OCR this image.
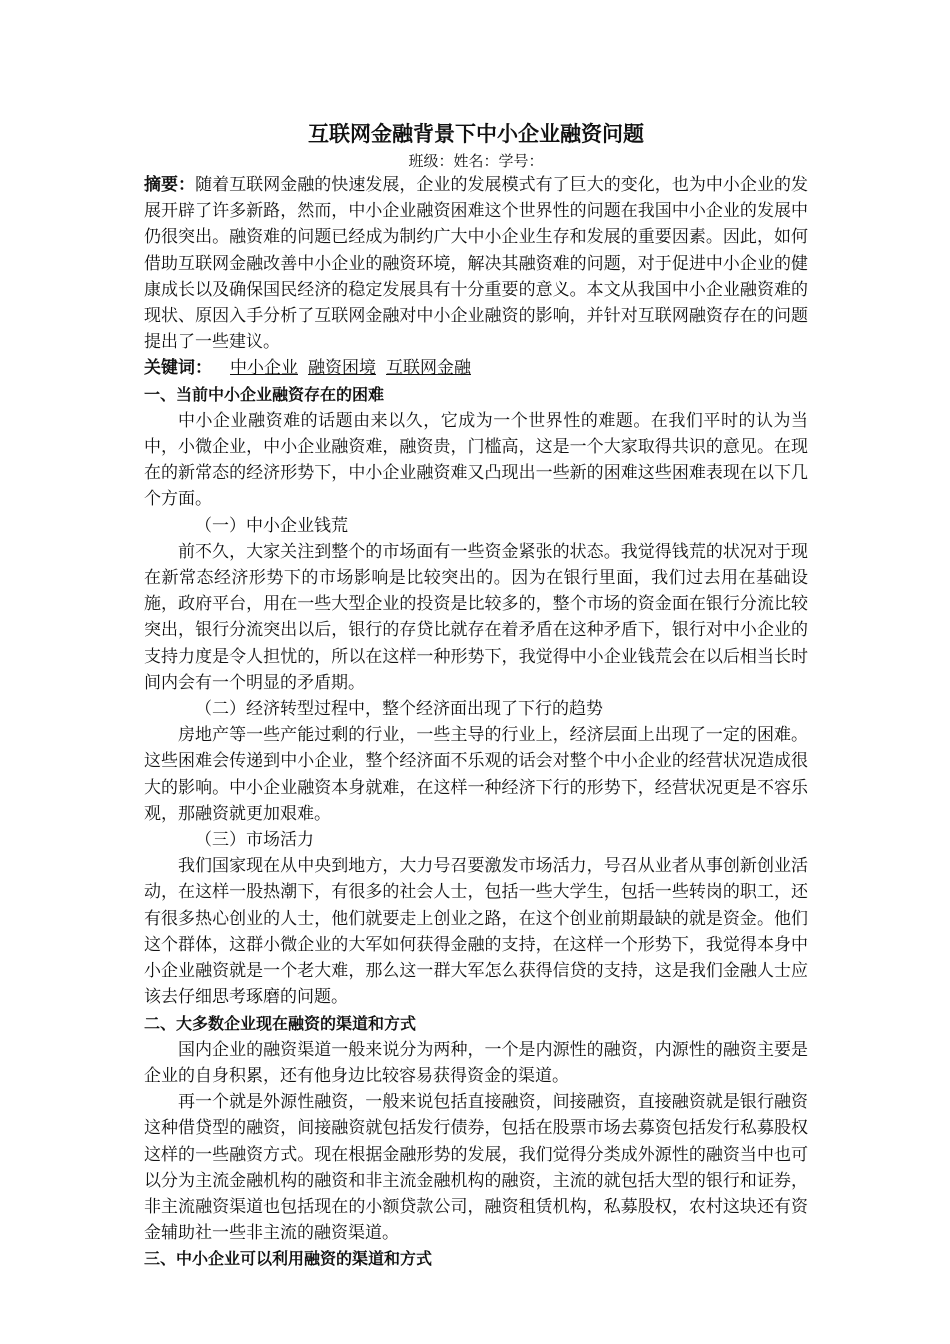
互联网金融背景下中小企业融资问题

班级：姓名：学号：

摘要：随着互联网金融的快速发展，企业的发展模式有了巨大的变化，也为中小企业的发展开辟了许多新路，然而，中小企业融资困难这个世界性的问题在我国中小企业的发展中仍很突出。融资难的问题已经成为制约广大中小企业生存和发展的重要因素。因此，如何借助互联网金融改善中小企业的融资环境，解决其融资难的问题，对于促进中小企业的健康成长以及确保国民经济的稳定发展具有十分重要的意义。本文从我国中小企业融资难的现状、原因入手分析了互联网金融对中小企业融资的影响，并针对互联网融资存在的问题提出了一些建议。

关键词： 中小企业 融资困境 互联网金融

一、当前中小企业融资存在的困难

中小企业融资难的话题由来以久，它成为一个世界性的难题。在我们平时的认为当中，小微企业，中小企业融资难，融资贵，门槛高，这是一个大家取得共识的意见。在现在的新常态的经济形势下，中小企业融资难又凸现出一些新的困难这些困难表现在以下几个方面。

（一）中小企业钱荒

前不久，大家关注到整个的市场面有一些资金紧张的状态。我觉得钱荒的状况对于现在新常态经济形势下的市场影响是比较突出的。因为在银行里面，我们过去用在基础设施，政府平台，用在一些大型企业的投资是比较多的，整个市场的资金面在银行分流比较突出，银行分流突出以后，银行的存贷比就存在着矛盾在这种矛盾下，银行对中小企业的支持力度是令人担忧的，所以在这样一种形势下，我觉得中小企业钱荒会在以后相当长时间内会有一个明显的矛盾期。

（二）经济转型过程中，整个经济面出现了下行的趋势

房地产等一些产能过剩的行业，一些主导的行业上，经济层面上出现了一定的困难。这些困难会传递到中小企业，整个经济面不乐观的话会对整个中小企业的经营状况造成很大的影响。中小企业融资本身就难，在这样一种经济下行的形势下，经营状况更是不容乐观，那融资就更加艰难。

（三）市场活力

我们国家现在从中央到地方，大力号召要激发市场活力，号召从业者从事创新创业活动，在这样一股热潮下，有很多的社会人士，包括一些大学生，包括一些转岗的职工，还有很多热心创业的人士，他们就要走上创业之路，在这个创业前期最缺的就是资金。他们这个群体，这群小微企业的大军如何获得金融的支持，在这样一个形势下，我觉得本身中小企业融资就是一个老大难，那么这一群大军怎么获得信贷的支持，这是我们金融人士应该去仔细思考琢磨的问题。

二、大多数企业现在融资的渠道和方式

国内企业的融资渠道一般来说分为两种，一个是内源性的融资，内源性的融资主要是企业的自身积累，还有他身边比较容易获得资金的渠道。

再一个就是外源性融资，一般来说包括直接融资，间接融资，直接融资就是银行融资这种借贷型的融资，间接融资就包括发行债券，包括在股票市场去募资包括发行私募股权这样的一些融资方式。现在根据金融形势的发展，我们觉得分类成外源性的融资当中也可以分为主流金融机构的融资和非主流金融机构的融资，主流的就包括大型的银行和证券，非主流融资渠道也包括现在的小额贷款公司，融资租赁机构，私募股权，农村这块还有资金辅助社一些非主流的融资渠道。

三、中小企业可以利用融资的渠道和方式
